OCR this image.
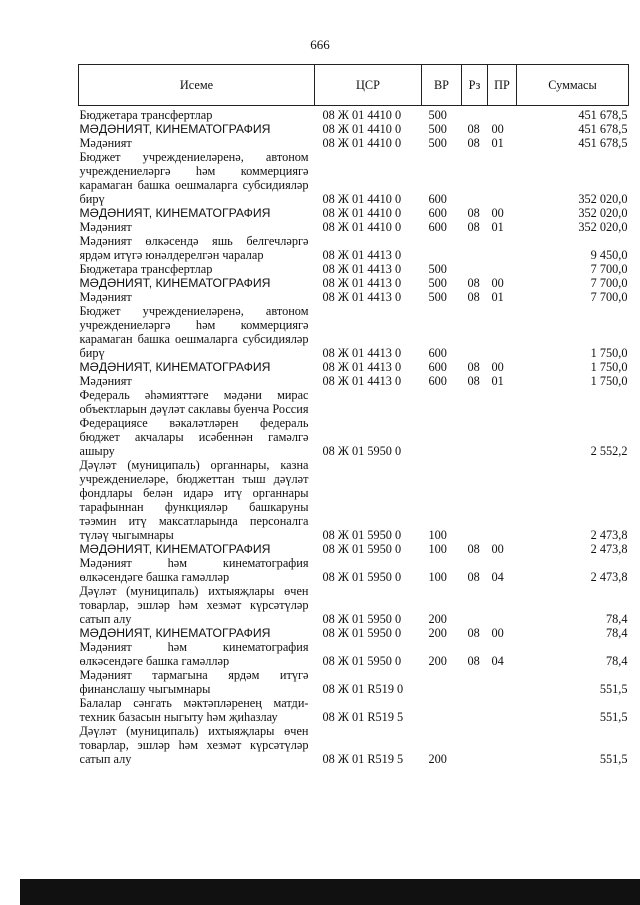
666
Исеме	ЦСР	ВР	Рз	ПР	Суммасы
Бюджетара трансфертлар	08 Ж 01 4410 0	500			451 678,5
МӘДӘНИЯТ, КИНЕМАТОГРАФИЯ	08 Ж 01 4410 0	500	08	00	451 678,5
Мәдәният	08 Ж 01 4410 0	500	08	01	451 678,5
Бюджет учреждениеләренә, автоном учреждениеләргә һәм коммерциягә карамаган башка оешмаларга субсидияләр бирү	08 Ж 01 4410 0	600			352 020,0
МӘДӘНИЯТ, КИНЕМАТОГРАФИЯ	08 Ж 01 4410 0	600	08	00	352 020,0
Мәдәният	08 Ж 01 4410 0	600	08	01	352 020,0
Мәдәният өлкәсендә яшь белгечләргә ярдәм итүгә юнәлдерелгән чаралар	08 Ж 01 4413 0				9 450,0
Бюджетара трансфертлар	08 Ж 01 4413 0	500			7 700,0
МӘДӘНИЯТ, КИНЕМАТОГРАФИЯ	08 Ж 01 4413 0	500	08	00	7 700,0
Мәдәният	08 Ж 01 4413 0	500	08	01	7 700,0
Бюджет учреждениеләренә, автоном учреждениеләргә һәм коммерциягә карамаган башка оешмаларга субсидияләр бирү	08 Ж 01 4413 0	600			1 750,0
МӘДӘНИЯТ, КИНЕМАТОГРАФИЯ	08 Ж 01 4413 0	600	08	00	1 750,0
Мәдәният	08 Ж 01 4413 0	600	08	01	1 750,0
Федераль әһәмияттәге мәдәни мирас объектларын дәүләт саклавы буенча Россия Федерациясе вәкаләтләрен федераль бюджет акчалары исәбеннән гамәлгә ашыру	08 Ж 01 5950 0				2 552,2
Дәүләт (муниципаль) органнары, казна учреждениеләре, бюджеттан тыш дәүләт фондлары белән идарә итү органнары тарафыннан функцияләр башкаруны тәэмин итү максатларында персоналга түләү чыгымнары	08 Ж 01 5950 0	100			2 473,8
МӘДӘНИЯТ, КИНЕМАТОГРАФИЯ	08 Ж 01 5950 0	100	08	00	2 473,8
Мәдәният һәм кинематография өлкәсендәге башка гамәлләр	08 Ж 01 5950 0	100	08	04	2 473,8
Дәүләт (муниципаль) ихтыяҗлары өчен товарлар, эшләр һәм хезмәт күрсәтүләр сатып алу	08 Ж 01 5950 0	200			78,4
МӘДӘНИЯТ, КИНЕМАТОГРАФИЯ	08 Ж 01 5950 0	200	08	00	78,4
Мәдәният һәм кинематография өлкәсендәге башка гамәлләр	08 Ж 01 5950 0	200	08	04	78,4
Мәдәният тармагына ярдәм итүгә финанслашу чыгымнары	08 Ж 01 R519 0				551,5
Балалар сәнгать мәктәпләренең матди-техник базасын ныгыту һәм җиһазлау	08 Ж 01 R519 5				551,5
Дәүләт (муниципаль) ихтыяҗлары өчен товарлар, эшләр һәм хезмәт күрсәтүләр сатып алу	08 Ж 01 R519 5	200			551,5
